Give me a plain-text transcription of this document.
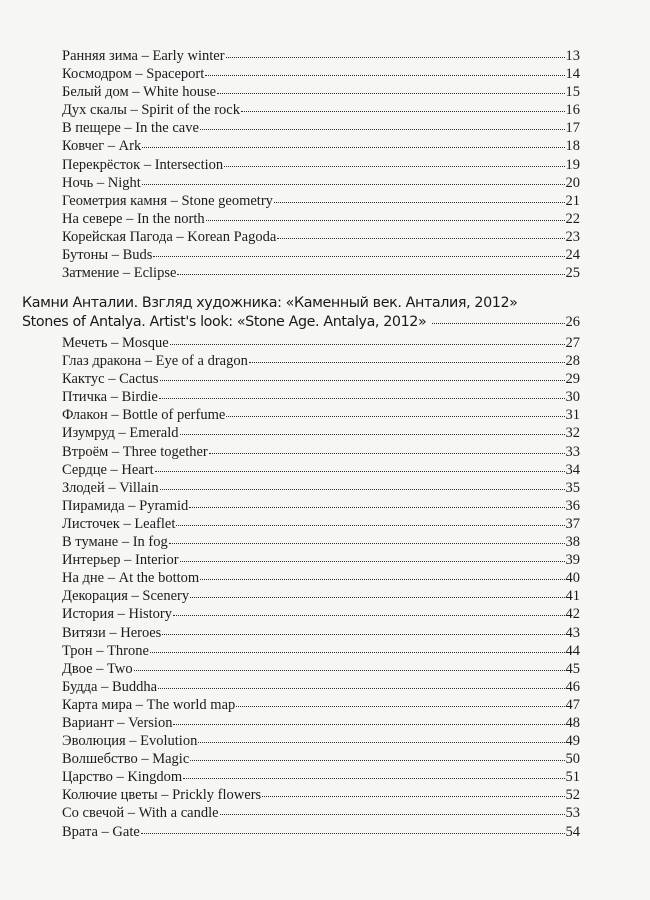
Ранняя зима – Early winter	13
Космодром – Spaceport	14
Белый дом – White house	15
Дух скалы – Spirit of the rock	16
В пещере – In the cave	17
Ковчег – Ark	18
Перекрёсток – Intersection	19
Ночь – Night	20
Геометрия камня – Stone geometry	21
На севере – In the north	22
Корейская Пагода – Korean Pagoda	23
Бутоны – Buds	24
Затмение – Eclipse	25
Камни Анталии. Взгляд художника: «Каменный век. Анталия, 2012»
Stones of Antalya. Artist's look: «Stone Age. Antalya, 2012»	26
Мечеть – Mosque	27
Глаз дракона – Eye of a dragon	28
Кактус – Cactus	29
Птичка – Birdie	30
Флакон – Bottle of perfume	31
Изумруд – Emerald	32
Втроём – Three together	33
Сердце – Heart	34
Злодей – Villain	35
Пирамида – Pyramid	36
Листочек – Leaflet	37
В тумане – In fog	38
Интерьер – Interior	39
На дне – At the bottom	40
Декорация – Scenery	41
История – History	42
Витязи – Heroes	43
Трон – Throne	44
Двое – Two	45
Будда – Buddha	46
Карта мира – The world map	47
Вариант – Version	48
Эволюция – Evolution	49
Волшебство – Magic	50
Царство – Kingdom	51
Колючие цветы – Prickly flowers	52
Со свечой – With a candle	53
Врата – Gate	54
